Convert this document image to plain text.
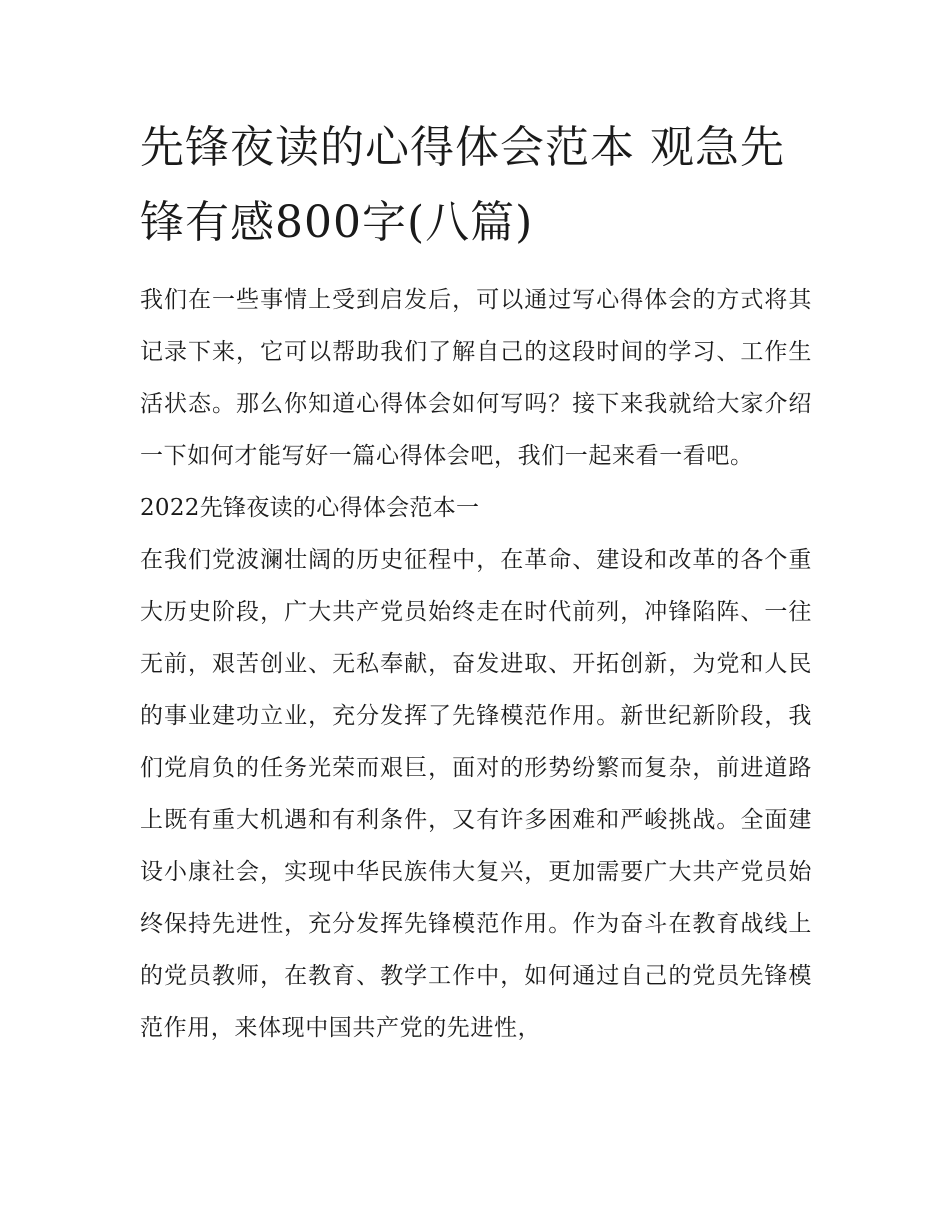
先锋夜读的心得体会范本 观急先锋有感800字(八篇)

我们在一些事情上受到启发后，可以通过写心得体会的方式将其记录下来，它可以帮助我们了解自己的这段时间的学习、工作生活状态。那么你知道心得体会如何写吗？接下来我就给大家介绍一下如何才能写好一篇心得体会吧，我们一起来看一看吧。

2022先锋夜读的心得体会范本一

在我们党波澜壮阔的历史征程中，在革命、建设和改革的各个重大历史阶段，广大共产党员始终走在时代前列，冲锋陷阵、一往无前，艰苦创业、无私奉献，奋发进取、开拓创新，为党和人民的事业建功立业，充分发挥了先锋模范作用。新世纪新阶段，我们党肩负的任务光荣而艰巨，面对的形势纷繁而复杂，前进道路上既有重大机遇和有利条件，又有许多困难和严峻挑战。全面建设小康社会，实现中华民族伟大复兴，更加需要广大共产党员始终保持先进性，充分发挥先锋模范作用。作为奋斗在教育战线上的党员教师，在教育、教学工作中，如何通过自己的党员先锋模范作用，来体现中国共产党的先进性，
